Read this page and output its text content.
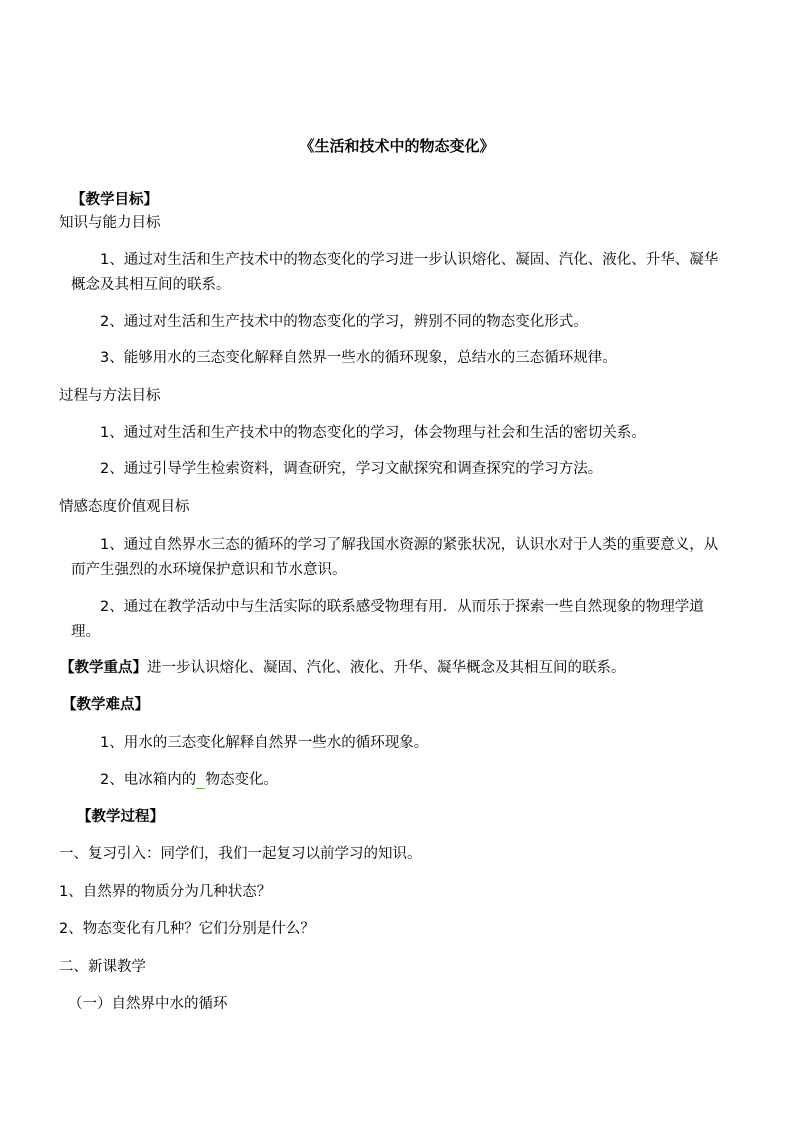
《生活和技术中的物态变化》
【教学目标】
知识与能力目标
1、通过对生活和生产技术中的物态变化的学习进一步认识熔化、凝固、汽化、液化、升华、凝华概念及其相互间的联系。
2、通过对生活和生产技术中的物态变化的学习，辨别不同的物态变化形式。
3、能够用水的三态变化解释自然界一些水的循环现象，总结水的三态循环规律。
过程与方法目标
1、通过对生活和生产技术中的物态变化的学习，体会物理与社会和生活的密切关系。
2、通过引导学生检索资料，调查研究，学习文献探究和调查探究的学习方法。
情感态度价值观目标
1、通过自然界水三态的循环的学习了解我国水资源的紧张状况，认识水对于人类的重要意义，从而产生强烈的水环境保护意识和节水意识。
2、通过在教学活动中与生活实际的联系感受物理有用．从而乐于探索一些自然现象的物理学道理。
【教学重点】进一步认识熔化、凝固、汽化、液化、升华、凝华概念及其相互间的联系。
【教学难点】
1、用水的三态变化解释自然界一些水的循环现象。
2、电冰箱内的 物态变化。
【教学过程】
一、复习引入：同学们，我们一起复习以前学习的知识。
1、自然界的物质分为几种状态？
2、物态变化有几种？它们分别是什么？
二、新课教学
（一）自然界中水的循环
